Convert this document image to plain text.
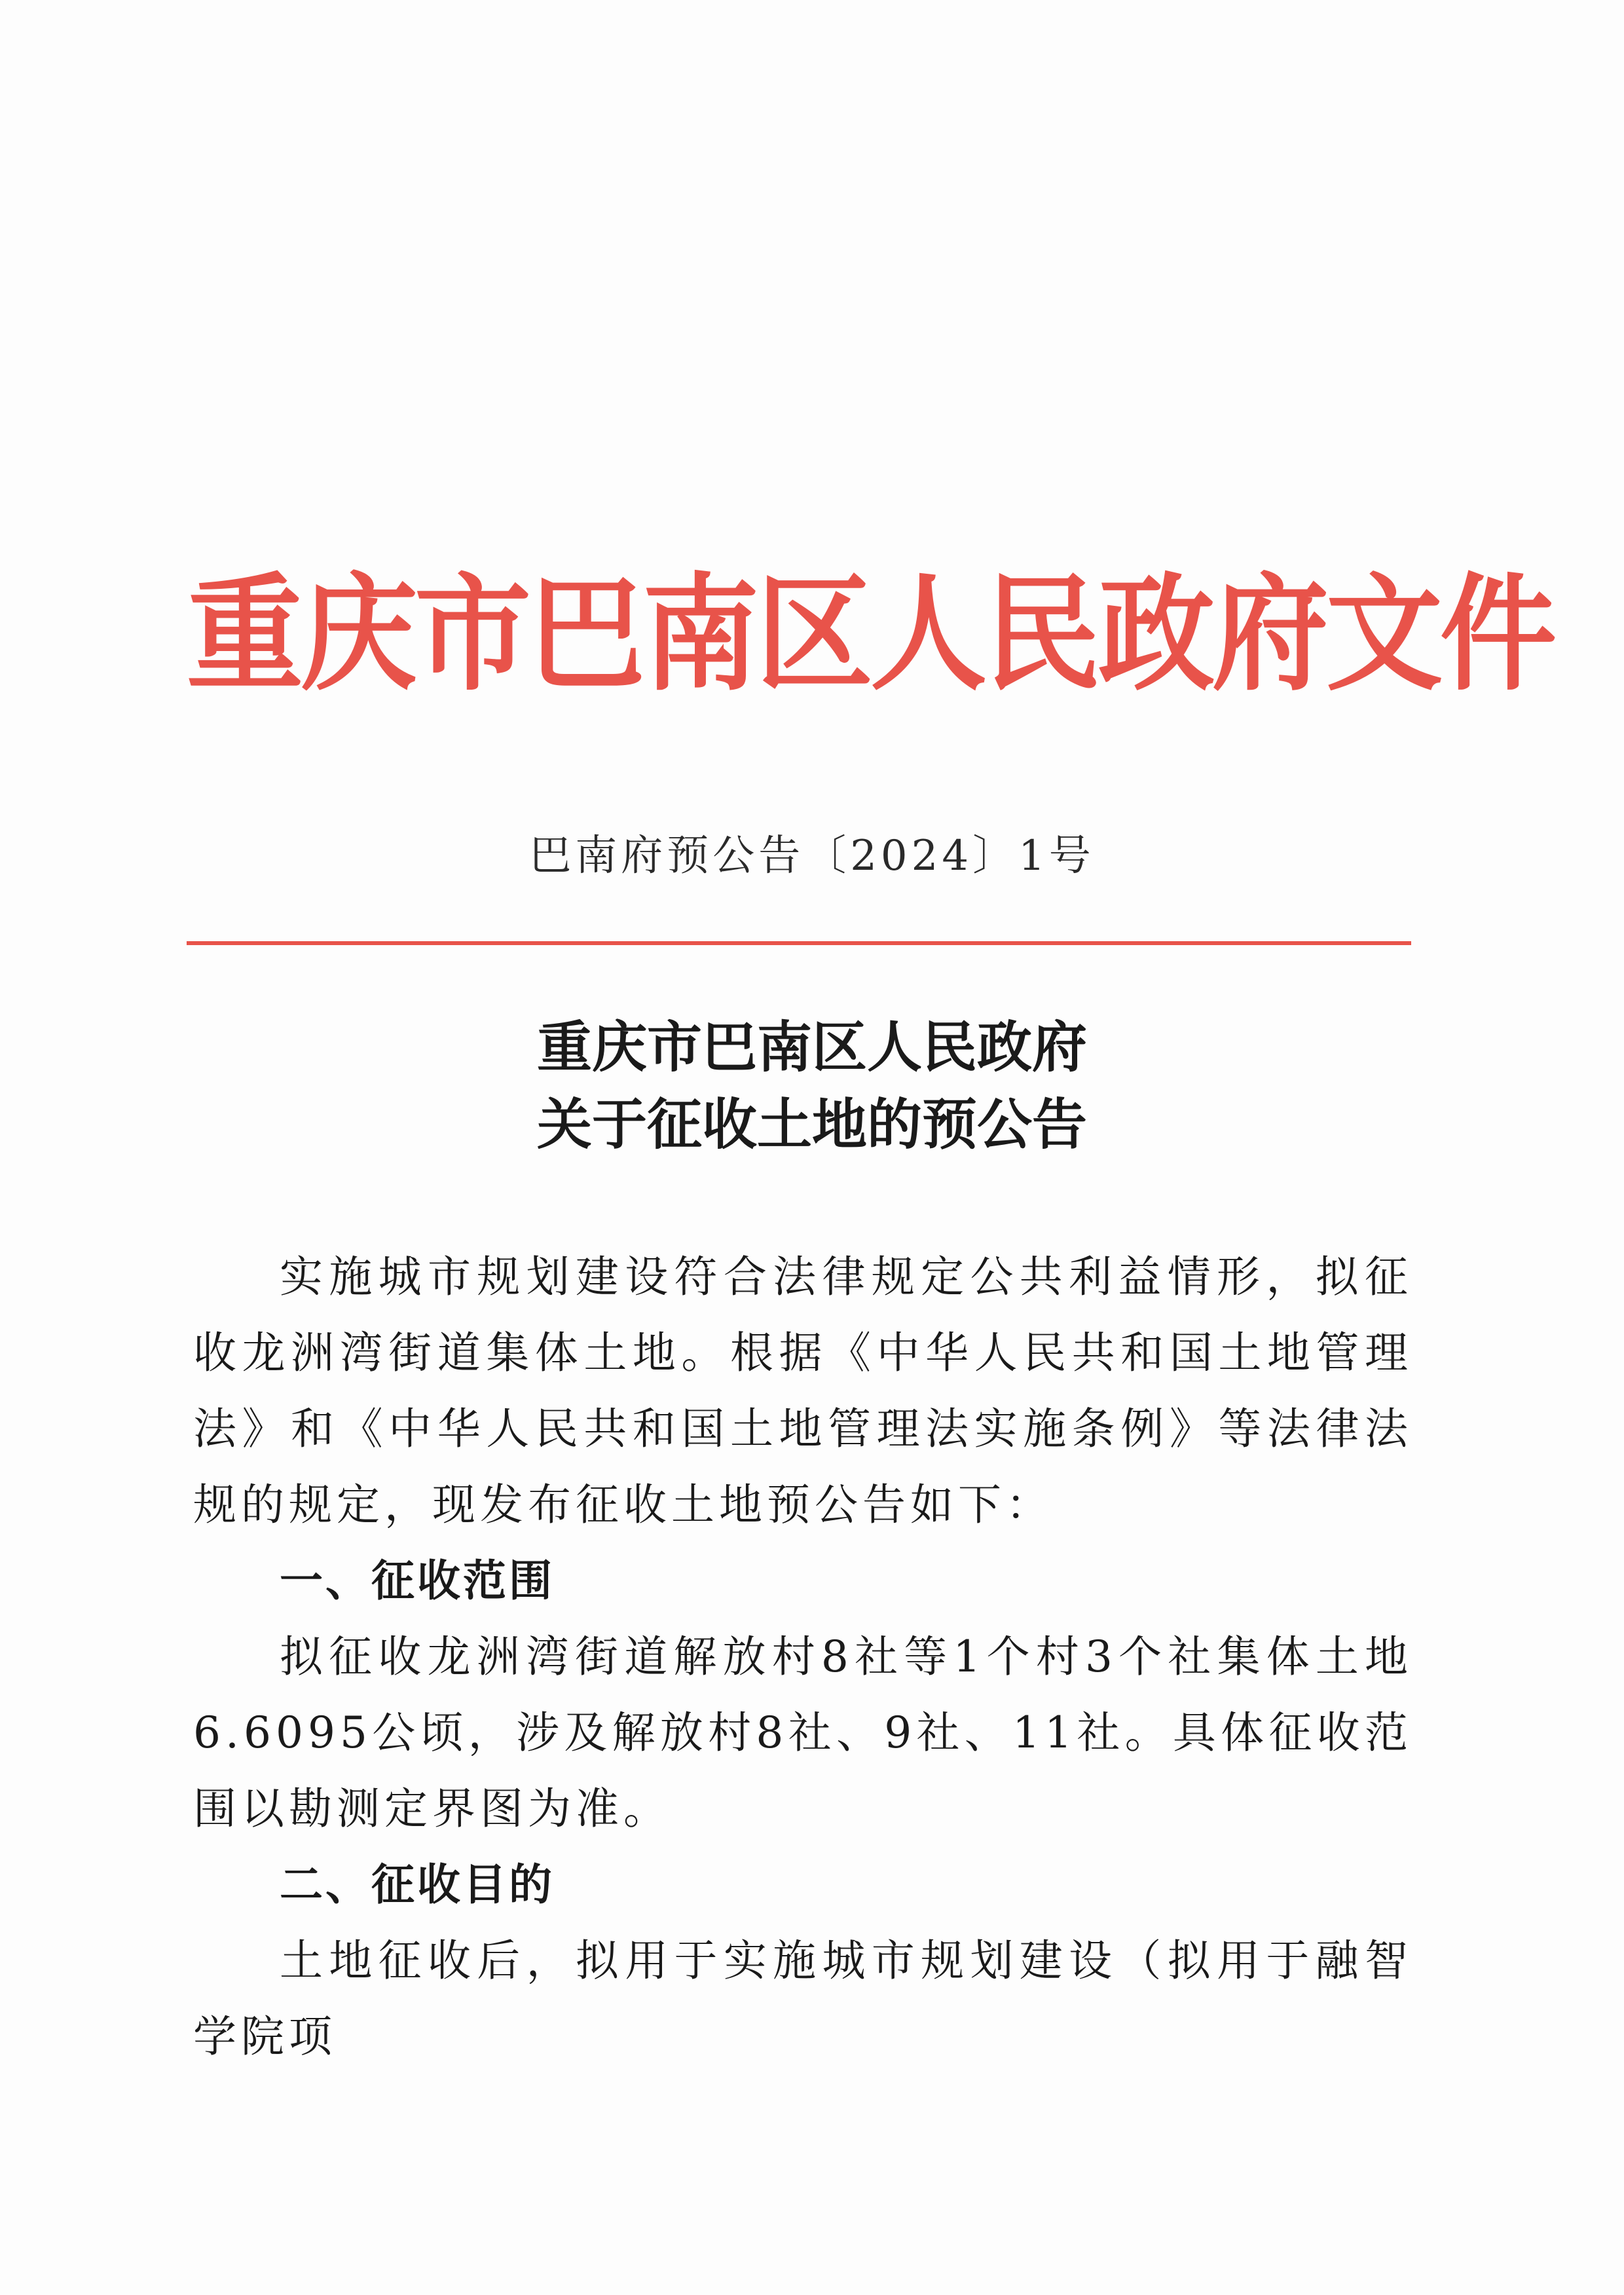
重庆市巴南区人民政府文件
巴南府预公告〔2024〕1号
重庆市巴南区人民政府
关于征收土地的预公告

实施城市规划建设符合法律规定公共利益情形，拟征收龙洲湾街道集体土地。根据《中华人民共和国土地管理法》和《中华人民共和国土地管理法实施条例》等法律法规的规定，现发布征收土地预公告如下：

一、征收范围

拟征收龙洲湾街道解放村8社等1个村3个社集体土地6.6095公顷，涉及解放村8社、9社、11社。具体征收范围以勘测定界图为准。

二、征收目的

土地征收后，拟用于实施城市规划建设（拟用于融智学院项
